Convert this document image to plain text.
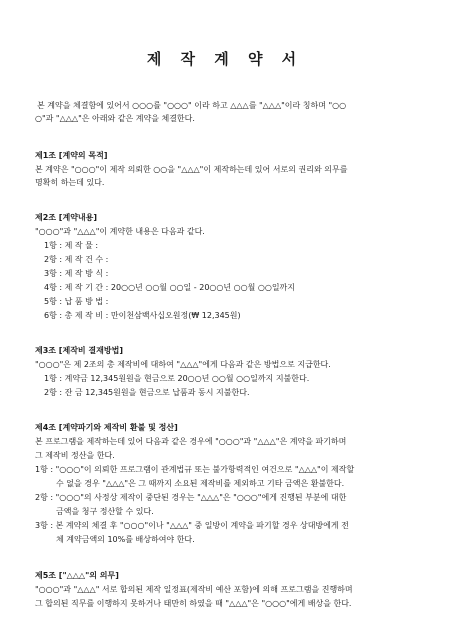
제 작 계 약 서
본 계약을 체결함에 있어서 ○○○를 "○○○" 이라 하고 △△△를 "△△△"이라 칭하며 "○○
○"과 "△△△"은 아래와 같은 계약을 체결한다.
제1조 [계약의 목적]
본 계약은 "○○○"이 제작 의뢰한 ○○을 "△△△"이 제작하는데 있어 서로의 권리와 의무를
명확히 하는데 있다.
제2조 [계약내용]
"○○○"과 "△△△"이 계약한 내용은 다음과 같다.
1항 : 제 작 물 :
2항 : 제 작 건 수 :
3항 : 제 작 방 식 :
4항 : 제 작 기 간 : 20○○년 ○○월 ○○일 - 20○○년 ○○월 ○○일까지
5항 : 납 품 방 법 :
6항 : 총 제 작 비 : 만이천삼백사십오원정(₩ 12,345원)
제3조 [제작비 결재방법]
"○○○"은 제 2조의 총 제작비에 대하여 "△△△"에게 다음과 같은 방법으로 지급한다.
1항 : 계약금 12,345원원을 현금으로 20○○년 ○○월 ○○일까지 지불한다.
2항 : 잔 금 12,345원원을 현금으로 납품과 동시 지불한다.
제4조 [계약파기와 제작비 환불 및 정산]
본 프로그램을 제작하는데 있어 다음과 같은 경우에 "○○○"과 "△△△"은 계약을 파기하며
그 제작비 정산을 한다.
1항 : "○○○"이 의뢰한 프로그램이 관계법규 또는 불가항력적인 여건으로 "△△△"이 제작할
수 없을 경우 "△△△"은 그 때까지 소요된 제작비를 제외하고 기타 금액은 환불한다.
2항 : "○○○"의 사정상 제작이 중단된 경우는 "△△△"은 "○○○"에게 진행된 부분에 대한
금액을 청구 정산할 수 있다.
3항 : 본 계약의 체결 후 "○○○"이나 "△△△" 중 일방이 계약을 파기할 경우 상대방에게 전
체 계약금액의 10%를 배상하여야 한다.
제5조 ["△△△"의 의무]
"○○○"과 "△△△" 서로 합의된 제작 일정표(제작비 예산 포함)에 의해 프로그램을 진행하며
그 합의된 직무를 이행하지 못하거나 태만히 하였을 때 "△△△"은 "○○○"에게 배상을 한다.
